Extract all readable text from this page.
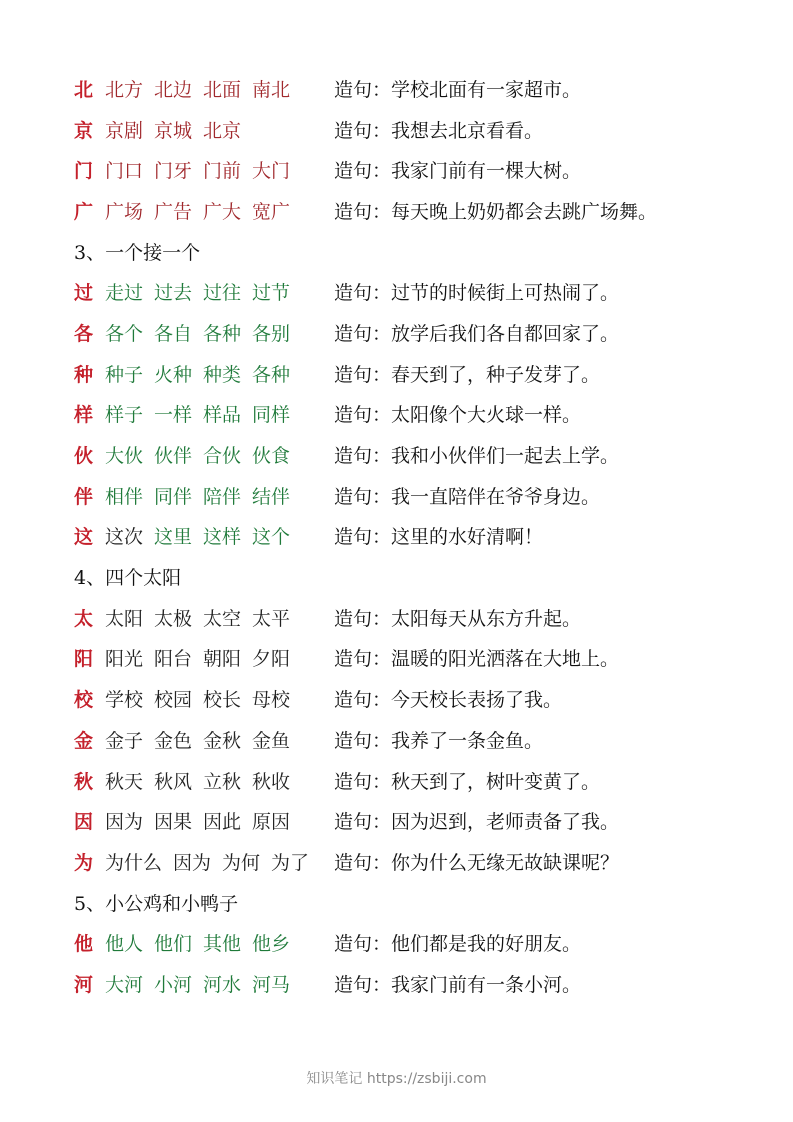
北 北方 北边 北面 南北 造句：学校北面有一家超市。
京 京剧 京城 北京	造句：我想去北京看看。
门 门口 门牙 门前 大门 造句：我家门前有一棵大树。
广 广场 广告 广大 宽广 造句：每天晚上奶奶都会去跳广场舞。
3、一个接一个
过 走过 过去 过往 过节 造句：过节的时候街上可热闹了。
各 各个 各自 各种 各别 造句：放学后我们各自都回家了。
种 种子 火种 种类 各种 造句：春天到了，种子发芽了。
样 样子 一样 样品 同样 造句：太阳像个大火球一样。
伙 大伙 伙伴 合伙 伙食 造句：我和小伙伴们一起去上学。
伴 相伴 同伴 陪伴 结伴 造句：我一直陪伴在爷爷身边。
这 这次 这里 这样 这个 造句：这里的水好清啊！
4、四个太阳
太 太阳 太极 太空 太平 造句：太阳每天从东方升起。
阳 阳光 阳台 朝阳 夕阳 造句：温暖的阳光洒落在大地上。
校 学校 校园 校长 母校 造句：今天校长表扬了我。
金 金子 金色 金秋 金鱼 造句：我养了一条金鱼。
秋 秋天 秋风 立秋 秋收 造句：秋天到了，树叶变黄了。
因 因为 因果 因此 原因 造句：因为迟到，老师责备了我。
为 为什么 因为 为何 为了 造句：你为什么无缘无故缺课呢？
5、小公鸡和小鸭子
他 他人 他们 其他 他乡 造句：他们都是我的好朋友。
河 大河 小河 河水 河马 造句：我家门前有一条小河。
知识笔记 https://zsbiji.com
